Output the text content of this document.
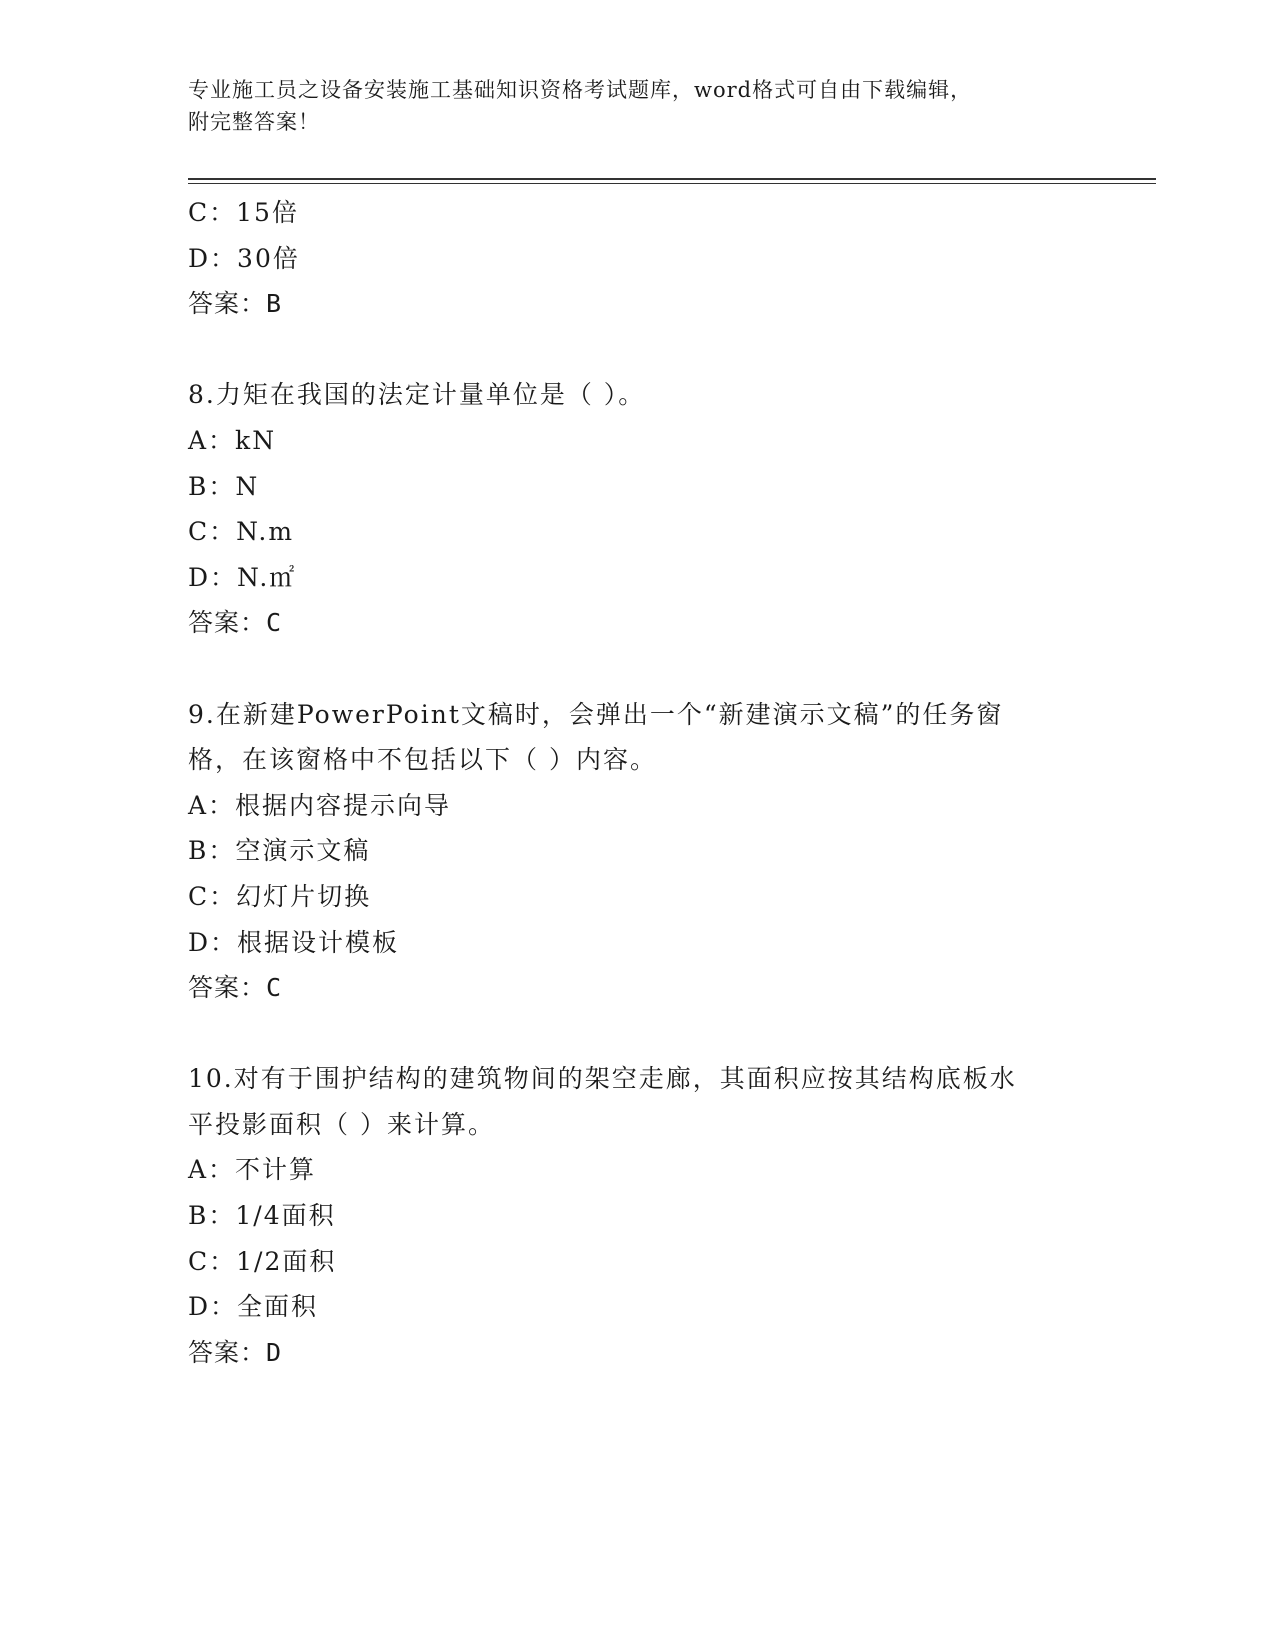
专业施工员之设备安装施工基础知识资格考试题库，word格式可自由下载编辑，
附完整答案！
C：15倍
D：30倍
答案：B
8.力矩在我国的法定计量单位是（ ）。
A：kN
B：N
C：N.m
D：N.㎡
答案：C
9.在新建PowerPoint文稿时，会弹出一个“新建演示文稿”的任务窗
格，在该窗格中不包括以下（ ）内容。
A：根据内容提示向导
B：空演示文稿
C：幻灯片切换
D：根据设计模板
答案：C
10.对有于围护结构的建筑物间的架空走廊，其面积应按其结构底板水
平投影面积（ ）来计算。
A：不计算
B：1/4面积
C：1/2面积
D：全面积
答案：D
